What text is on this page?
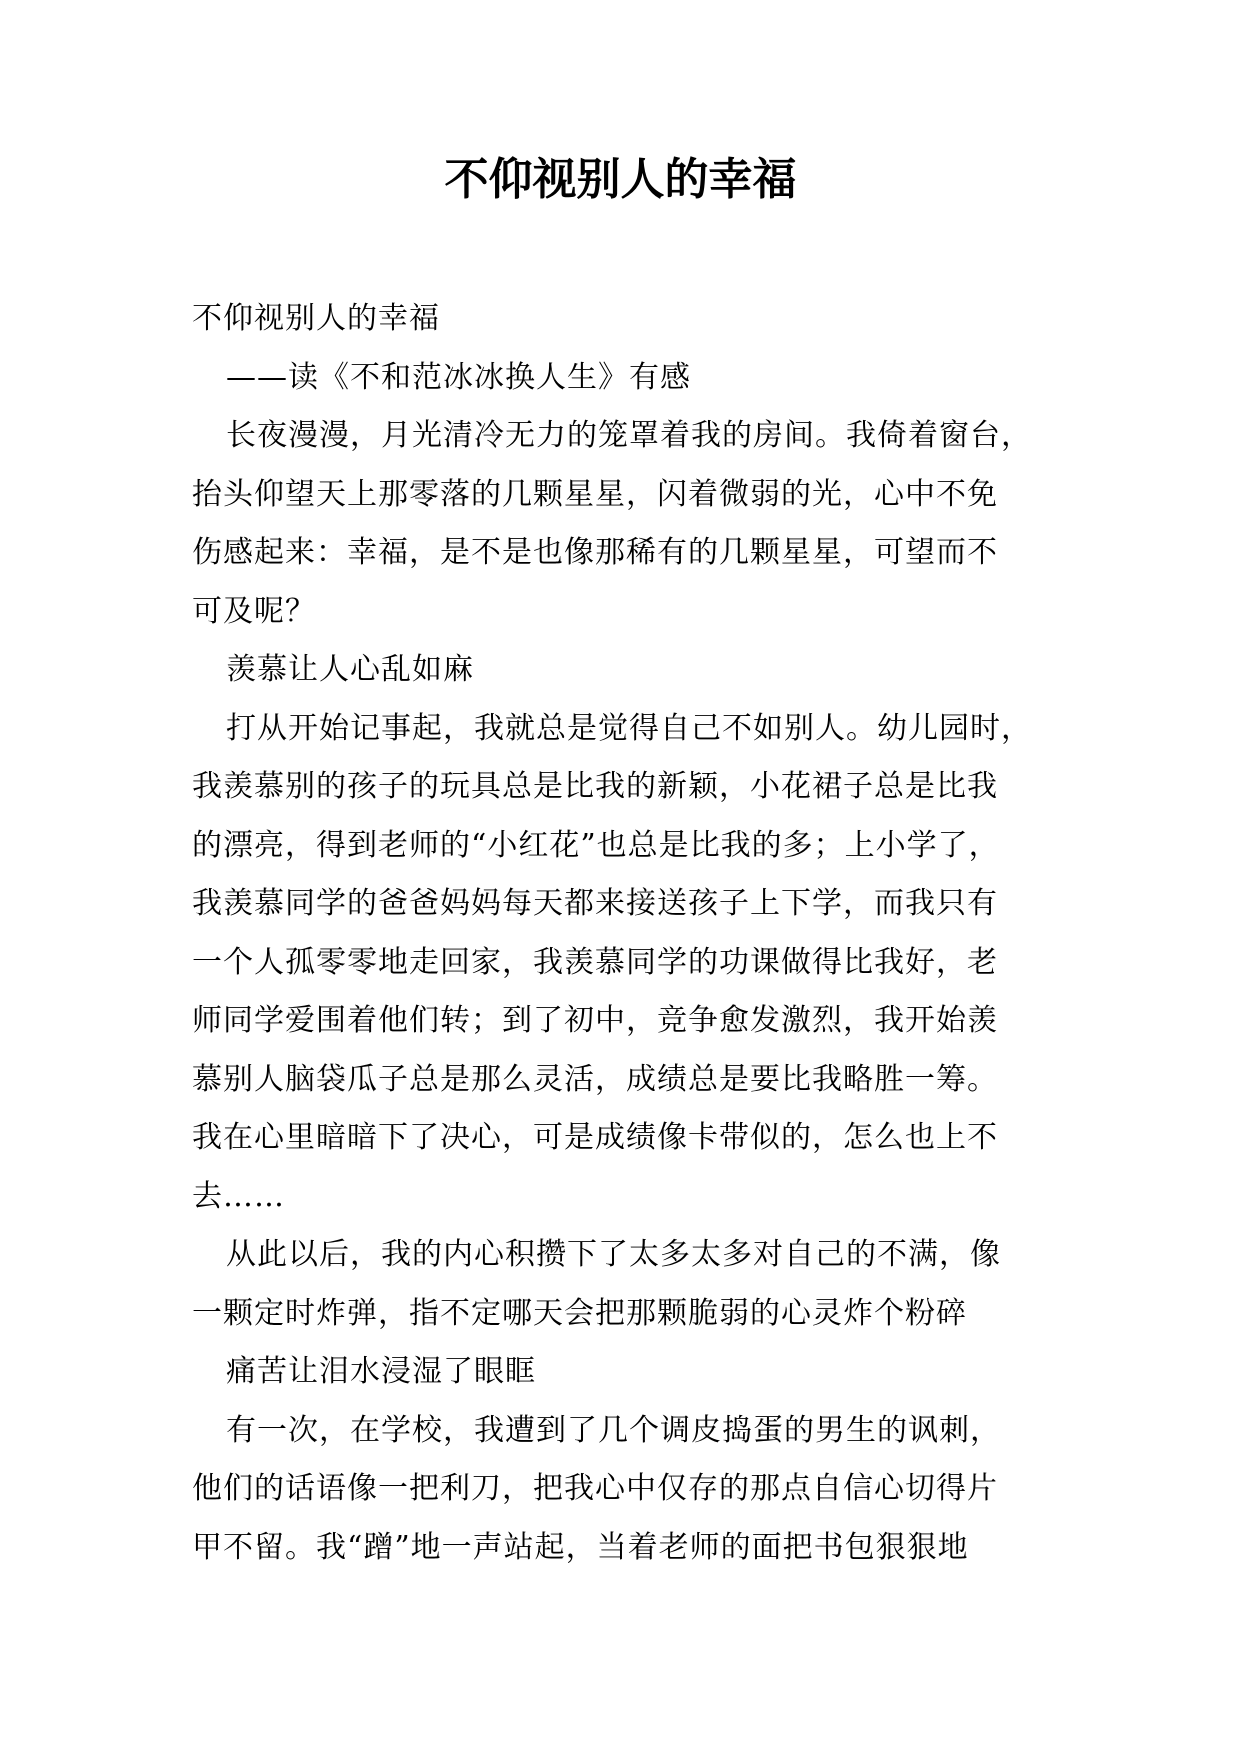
不仰视别人的幸福

不仰视别人的幸福

——读《不和范冰冰换人生》有感

长夜漫漫，月光清冷无力的笼罩着我的房间。我倚着窗台，

抬头仰望天上那零落的几颗星星，闪着微弱的光，心中不免

伤感起来：幸福，是不是也像那稀有的几颗星星，可望而不

可及呢？

羡慕让人心乱如麻

打从开始记事起，我就总是觉得自己不如别人。幼儿园时，

我羡慕别的孩子的玩具总是比我的新颖，小花裙子总是比我

的漂亮，得到老师的“小红花”也总是比我的多；上小学了，

我羡慕同学的爸爸妈妈每天都来接送孩子上下学，而我只有

一个人孤零零地走回家，我羡慕同学的功课做得比我好，老

师同学爱围着他们转；到了初中，竞争愈发激烈，我开始羡

慕别人脑袋瓜子总是那么灵活，成绩总是要比我略胜一筹。

我在心里暗暗下了决心，可是成绩像卡带似的，怎么也上不

去……

从此以后，我的内心积攒下了太多太多对自己的不满，像

一颗定时炸弹，指不定哪天会把那颗脆弱的心灵炸个粉碎

痛苦让泪水浸湿了眼眶

有一次，在学校，我遭到了几个调皮捣蛋的男生的讽刺，

他们的话语像一把利刀，把我心中仅存的那点自信心切得片

甲不留。我“蹭”地一声站起，当着老师的面把书包狠狠地
